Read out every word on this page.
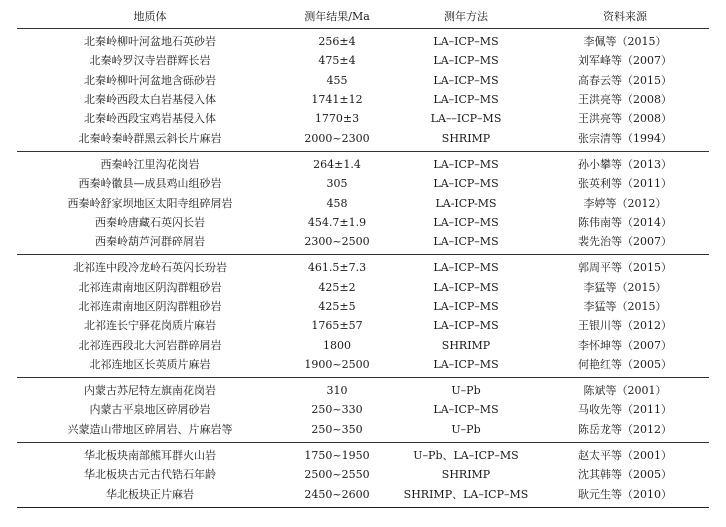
地质体	测年结果/Ma	测年方法	资料来源
北秦岭柳叶河盆地石英砂岩	256±4	LA–ICP–MS	李佩等（2015）
北秦岭罗汉寺岩群辉长岩	475±4	LA–ICP–MS	刘军峰等（2007）
北秦岭柳叶河盆地含砾砂岩	455	LA–ICP–MS	高春云等（2015）
北秦岭西段太白岩基侵入体	1741±12	LA–ICP–MS	王洪亮等（2008）
北秦岭西段宝鸡岩基侵入体	1770±3	LA––ICP–MS	王洪亮等（2008）
北秦岭秦岭群黑云斜长片麻岩	2000~2300	SHRIMP	张宗清等（1994）
西秦岭江里沟花岗岩	264±1.4	LA–ICP–MS	孙小攀等（2013）
西秦岭徽县—成县鸡山组砂岩	305	LA–ICP–MS	张英利等（2011）
西秦岭舒家坝地区太阳寺组碎屑岩	458	LA-ICP-MS	李婷等（2012）
西秦岭唐藏石英闪长岩	454.7±1.9	LA–ICP–MS	陈伟南等（2014）
西秦岭葫芦河群碎屑岩	2300~2500	LA–ICP–MS	裴先治等（2007）
北祁连中段冷龙岭石英闪长玢岩	461.5±7.3	LA–ICP–MS	郭周平等（2015）
北祁连肃南地区阴沟群粗砂岩	425±2	LA–ICP–MS	李猛等（2015）
北祁连肃南地区阴沟群粗砂岩	425±5	LA–ICP–MS	李猛等（2015）
北祁连长宁驿花岗质片麻岩	1765±57	LA–ICP–MS	王银川等（2012）
北祁连西段北大河岩群碎屑岩	1800	SHRIMP	李怀坤等（2007）
北祁连地区长英质片麻岩	1900~2500	LA–ICP–MS	何艳红等（2005）
内蒙古苏尼特左旗南花岗岩	310	U–Pb	陈斌等（2001）
内蒙古平泉地区碎屑砂岩	250~330	LA–ICP–MS	马收先等（2011）
兴蒙造山带地区碎屑岩、片麻岩等	250~350	U–Pb	陈岳龙等（2012）
华北板块南部熊耳群火山岩	1750~1950	U–Pb、LA–ICP–MS	赵太平等（2001）
华北板块古元古代锆石年龄	2500~2550	SHRIMP	沈其韩等（2005）
华北板块正片麻岩	2450~2600	SHRIMP、LA–ICP–MS	耿元生等（2010）
